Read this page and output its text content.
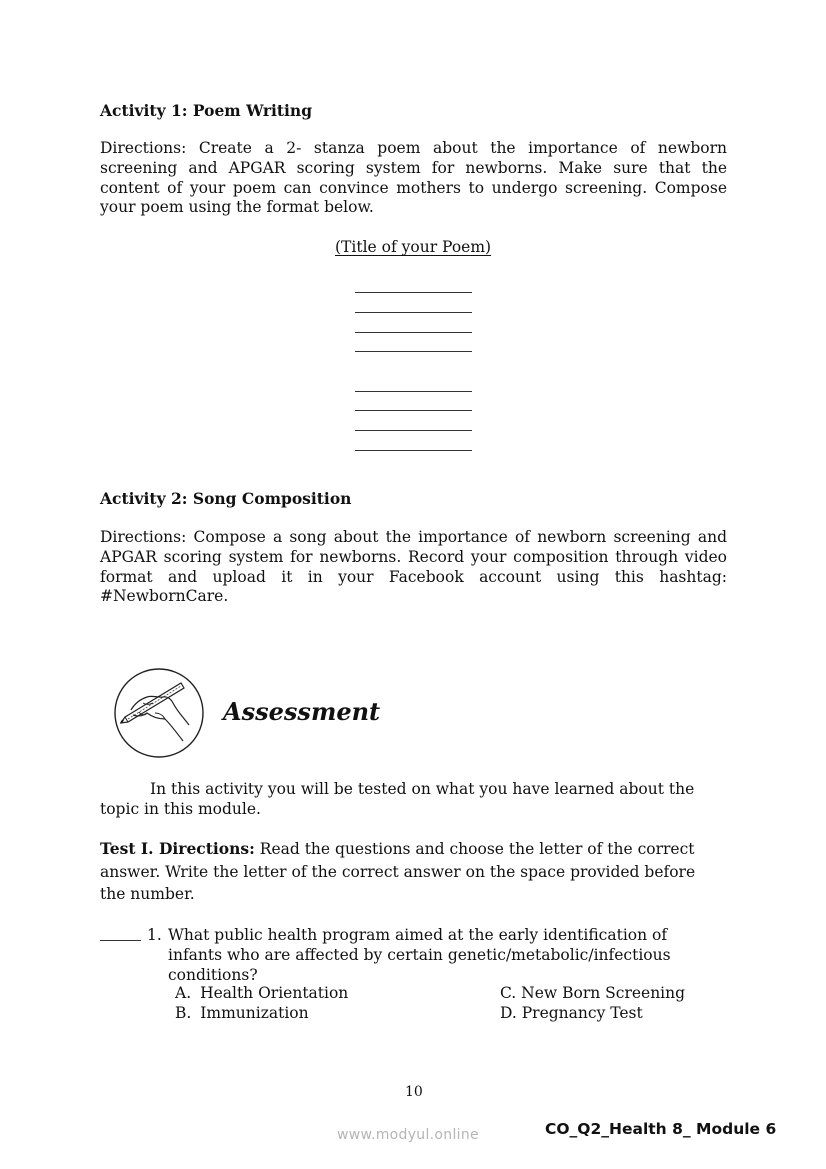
Activity 1: Poem Writing
Directions: Create a 2- stanza poem about the importance of newborn
screening and APGAR scoring system for newborns. Make sure that the
content of your poem can convince mothers to undergo screening. Compose
your poem using the format below.
(Title of your Poem)
Activity 2: Song Composition
Directions: Compose a song about the importance of newborn screening and
APGAR scoring system for newborns. Record your composition through video
format and upload it in your Facebook account using this hashtag:
#NewbornCare.
Assessment
In this activity you will be tested on what you have learned about the
topic in this module.
Test I. Directions: Read the questions and choose the letter of the correct
answer. Write the letter of the correct answer on the space provided before
the number.
1. What public health program aimed at the early identification of
infants who are affected by certain genetic/metabolic/infectious
conditions?
A. Health Orientation
B. Immunization
C. New Born Screening
D. Pregnancy Test
10
www.modyul.online	CO_Q2_Health 8_ Module 6
